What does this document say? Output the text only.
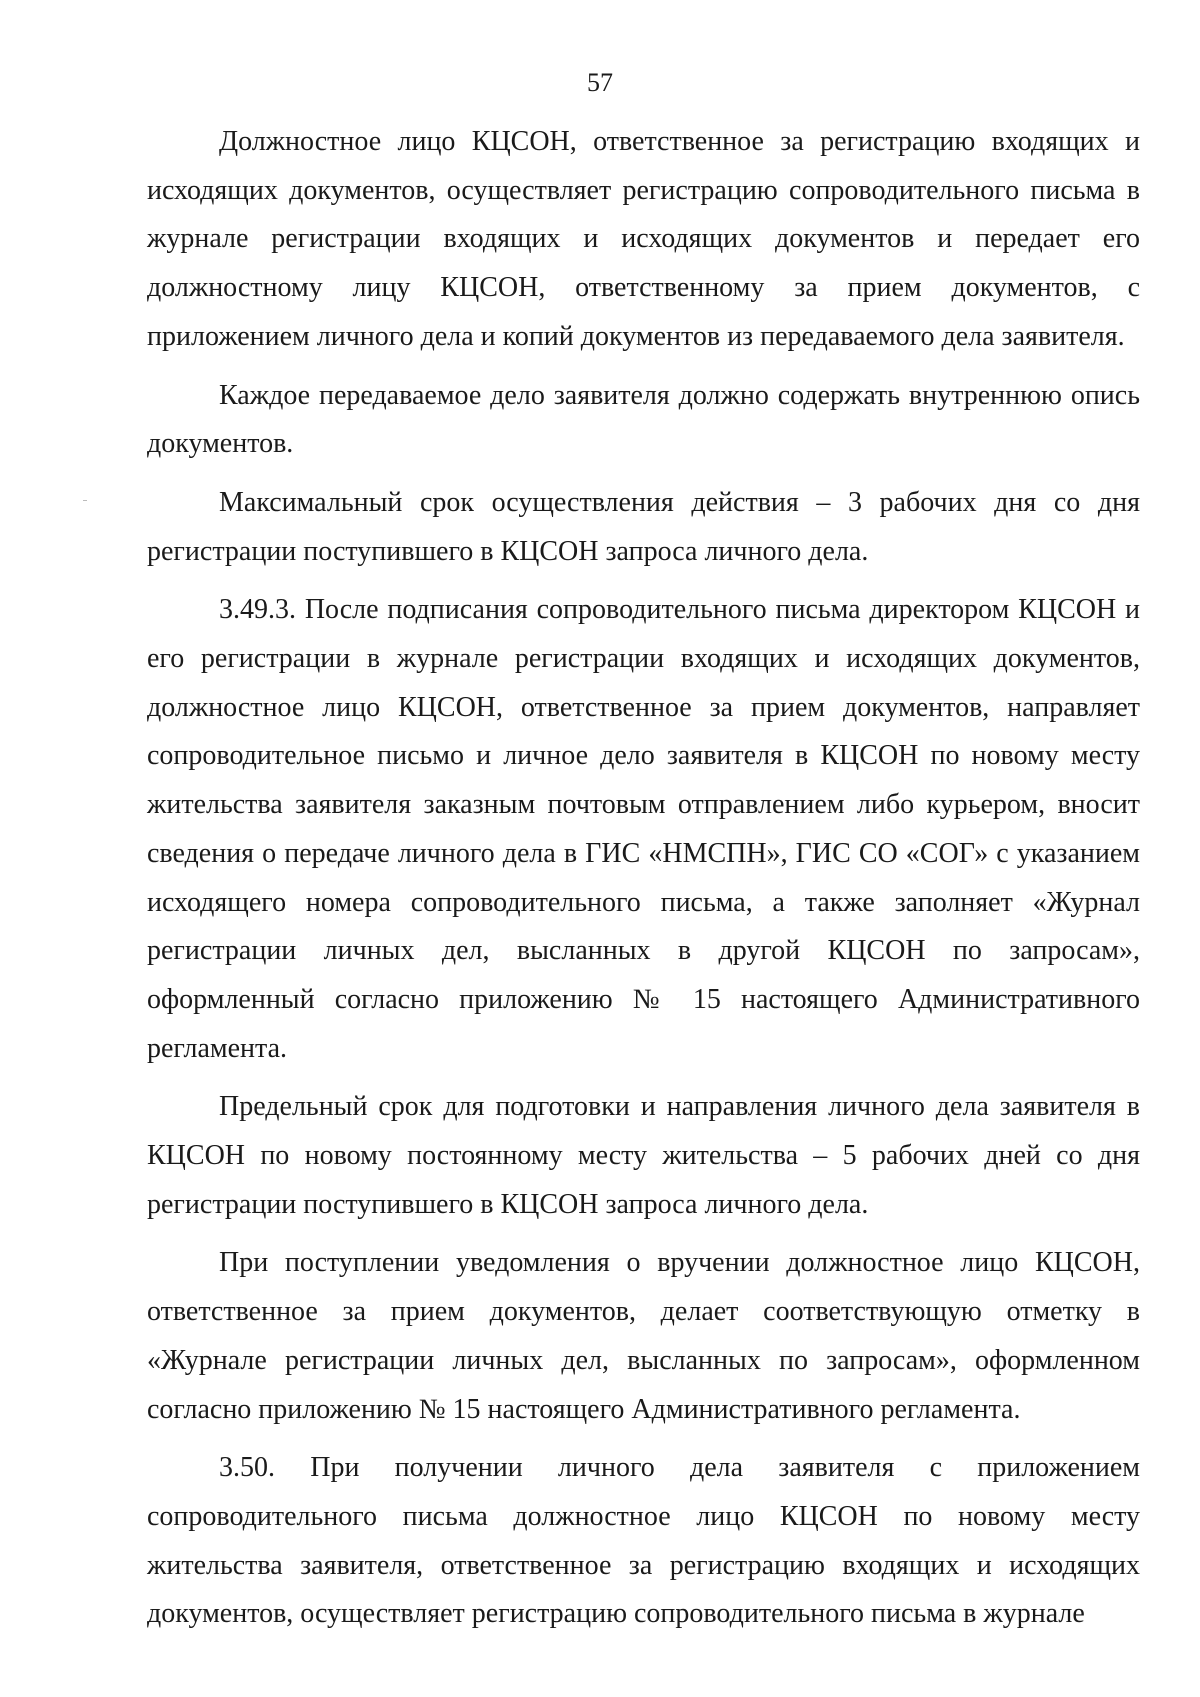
57

Должностное лицо КЦСОН, ответственное за регистрацию входящих и исходящих документов, осуществляет регистрацию сопроводительного письма в журнале регистрации входящих и исходящих документов и передает его должностному лицу КЦСОН, ответственному за прием документов, с приложением личного дела и копий документов из передаваемого дела заявителя.

Каждое передаваемое дело заявителя должно содержать внутреннюю опись документов.

Максимальный срок осуществления действия – 3 рабочих дня со дня регистрации поступившего в КЦСОН запроса личного дела.

3.49.3. После подписания сопроводительного письма директором КЦСОН и его регистрации в журнале регистрации входящих и исходящих документов, должностное лицо КЦСОН, ответственное за прием документов, направляет сопроводительное письмо и личное дело заявителя в КЦСОН по новому месту жительства заявителя заказным почтовым отправлением либо курьером, вносит сведения о передаче личного дела в ГИС «НМСПН», ГИС СО «СОГ» с указанием исходящего номера сопроводительного письма, а также заполняет «Журнал регистрации личных дел, высланных в другой КЦСОН по запросам», оформленный согласно приложению № 15 настоящего Административного регламента.

Предельный срок для подготовки и направления личного дела заявителя в КЦСОН по новому постоянному месту жительства – 5 рабочих дней со дня регистрации поступившего в КЦСОН запроса личного дела.

При поступлении уведомления о вручении должностное лицо КЦСОН, ответственное за прием документов, делает соответствующую отметку в «Журнале регистрации личных дел, высланных по запросам», оформленном согласно приложению № 15 настоящего Административного регламента.

3.50. При получении личного дела заявителя с приложением сопроводительного письма должностное лицо КЦСОН по новому месту жительства заявителя, ответственное за регистрацию входящих и исходящих документов, осуществляет регистрацию сопроводительного письма в журнале
